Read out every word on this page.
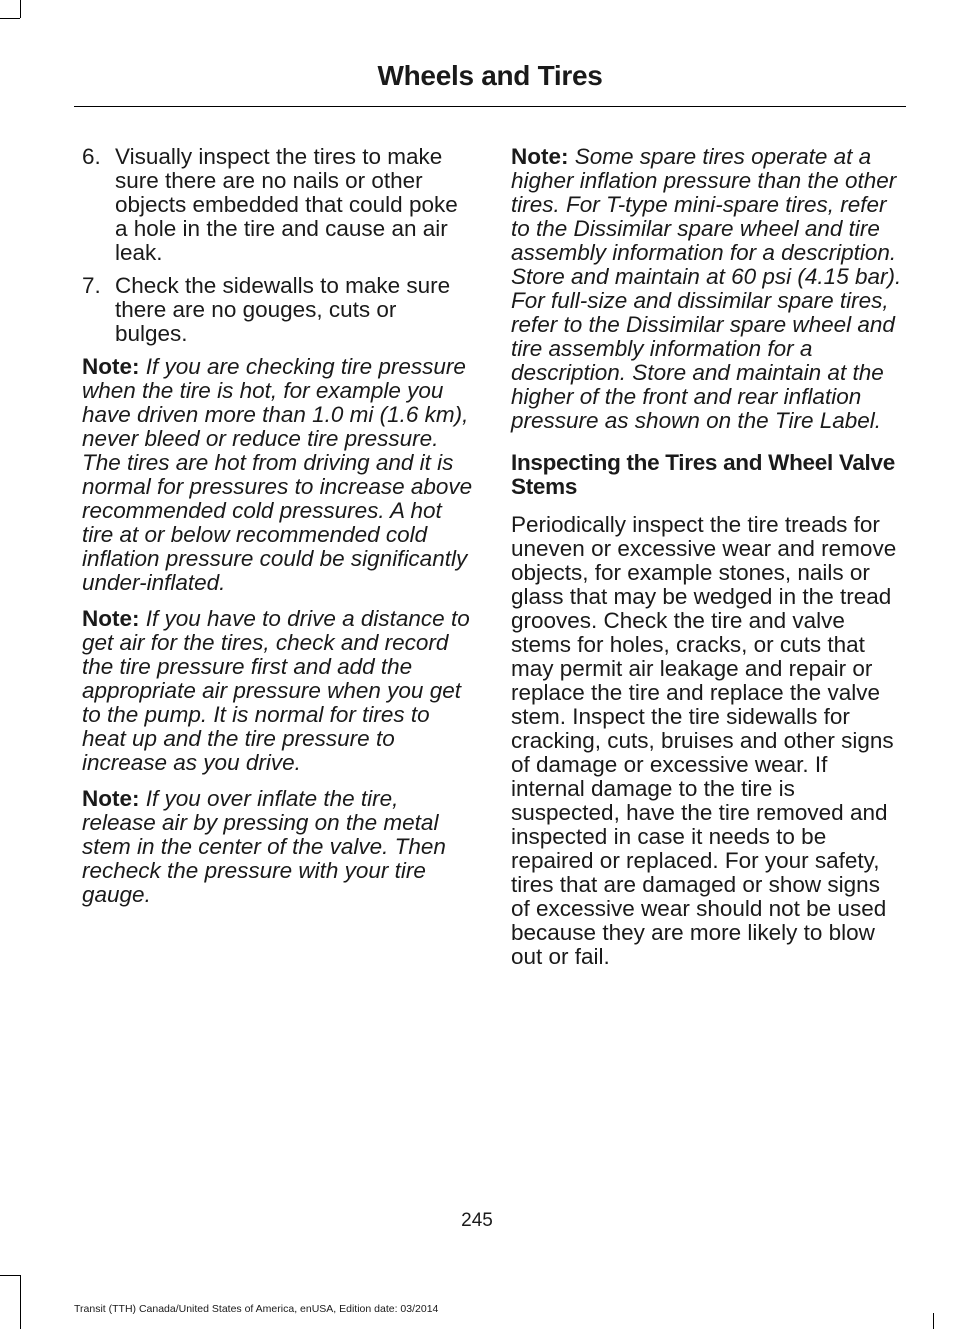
Wheels and Tires
6. Visually inspect the tires to make sure there are no nails or other objects embedded that could poke a hole in the tire and cause an air leak.
7. Check the sidewalls to make sure there are no gouges, cuts or bulges.

Note: If you are checking tire pressure when the tire is hot, for example you have driven more than 1.0 mi (1.6 km), never bleed or reduce tire pressure. The tires are hot from driving and it is normal for pressures to increase above recommended cold pressures. A hot tire at or below recommended cold inflation pressure could be significantly under-inflated.

Note: If you have to drive a distance to get air for the tires, check and record the tire pressure first and add the appropriate air pressure when you get to the pump. It is normal for tires to heat up and the tire pressure to increase as you drive.

Note: If you over inflate the tire, release air by pressing on the metal stem in the center of the valve. Then recheck the pressure with your tire gauge.

Note: Some spare tires operate at a higher inflation pressure than the other tires. For T-type mini-spare tires, refer to the Dissimilar spare wheel and tire assembly information for a description. Store and maintain at 60 psi (4.15 bar). For full-size and dissimilar spare tires, refer to the Dissimilar spare wheel and tire assembly information for a description. Store and maintain at the higher of the front and rear inflation pressure as shown on the Tire Label.

Inspecting the Tires and Wheel Valve Stems

Periodically inspect the tire treads for uneven or excessive wear and remove objects, for example stones, nails or glass that may be wedged in the tread grooves. Check the tire and valve stems for holes, cracks, or cuts that may permit air leakage and repair or replace the tire and replace the valve stem. Inspect the tire sidewalls for cracking, cuts, bruises and other signs of damage or excessive wear. If internal damage to the tire is suspected, have the tire removed and inspected in case it needs to be repaired or replaced. For your safety, tires that are damaged or show signs of excessive wear should not be used because they are more likely to blow out or fail.

245
Transit (TTH) Canada/United States of America, enUSA, Edition date: 03/2014
